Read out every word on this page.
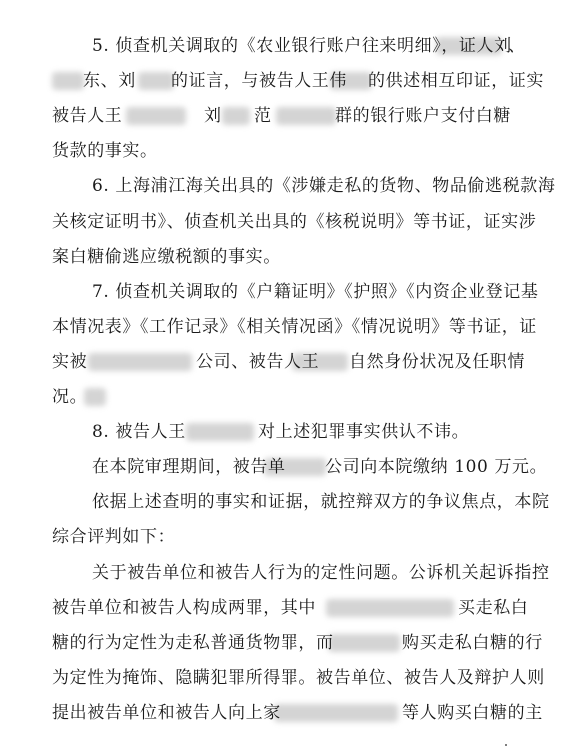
5. 侦查机关调取的《农业银行账户往来明细》，证人刘
、
东、刘 的证言，与被告人王伟 的供述相互印证，证实
被告人王	刘 范	群的银行账户支付白糖
货款的事实。
6. 上海浦江海关出具的《涉嫌走私的货物、物品偷逃税款海
关核定证明书》、侦查机关出具的《核税说明》等书证，证实涉
案白糖偷逃应缴税额的事实。
7. 侦查机关调取的《户籍证明》《护照》《内资企业登记基
本情况表》《工作记录》《相关情况函》《情况说明》等书证，证
实被	公司、被告人王 自然身份状况及任职情
况。
8. 被告人王	对上述犯罪事实供认不讳。
在本院审理期间，被告单 公司向本院缴纳 100 万元。
依据上述查明的事实和证据，就控辩双方的争议焦点，本院
综合评判如下：
关于被告单位和被告人行为的定性问题。公诉机关起诉指控
被告单位和被告人构成两罪，其中	买走私白
糖的行为定性为走私普通货物罪，而	购买走私白糖的行
为定性为掩饰、隐瞒犯罪所得罪。被告单位、被告人及辩护人则
提出被告单位和被告人向上家	等人购买白糖的主
